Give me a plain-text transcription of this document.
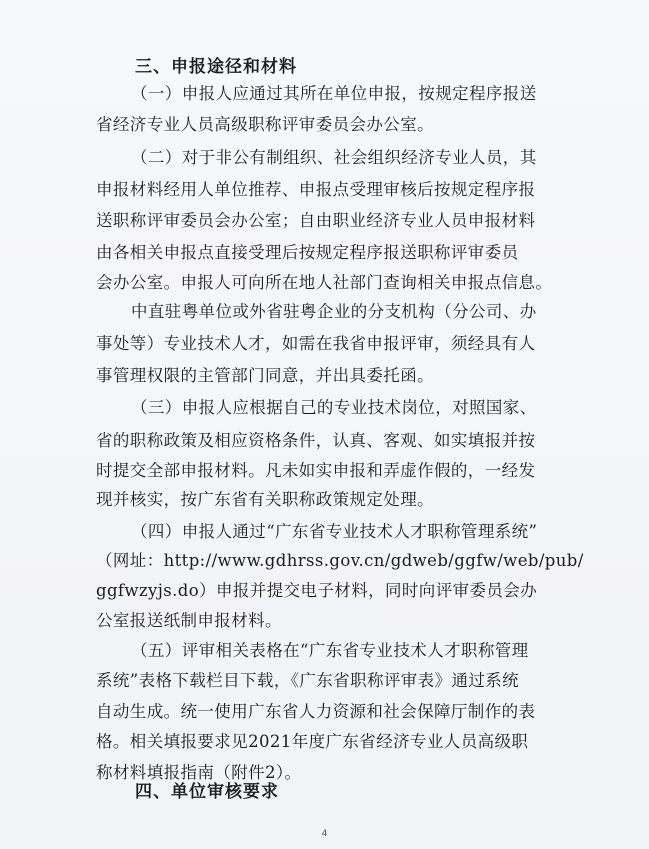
三、申报途径和材料
（一）申报人应通过其所在单位申报，按规定程序报送
省经济专业人员高级职称评审委员会办公室。
（二）对于非公有制组织、社会组织经济专业人员，其
申报材料经用人单位推荐、申报点受理审核后按规定程序报
送职称评审委员会办公室；自由职业经济专业人员申报材料
由各相关申报点直接受理后按规定程序报送职称评审委员
会办公室。申报人可向所在地人社部门查询相关申报点信息。
中直驻粤单位或外省驻粤企业的分支机构（分公司、办
事处等）专业技术人才，如需在我省申报评审，须经具有人
事管理权限的主管部门同意，并出具委托函。
（三）申报人应根据自己的专业技术岗位，对照国家、
省的职称政策及相应资格条件，认真、客观、如实填报并按
时提交全部申报材料。凡未如实申报和弄虚作假的，一经发
现并核实，按广东省有关职称政策规定处理。
（四）申报人通过“广东省专业技术人才职称管理系统”
（网址：http://www.gdhrss.gov.cn/gdweb/ggfw/web/pub/
ggfwzyjs.do）申报并提交电子材料，同时向评审委员会办
公室报送纸制申报材料。
（五）评审相关表格在“广东省专业技术人才职称管理
系统”表格下载栏目下载，《广东省职称评审表》通过系统
自动生成。统一使用广东省人力资源和社会保障厅制作的表
格。相关填报要求见2021年度广东省经济专业人员高级职
称材料填报指南（附件2）。
四、单位审核要求
4
